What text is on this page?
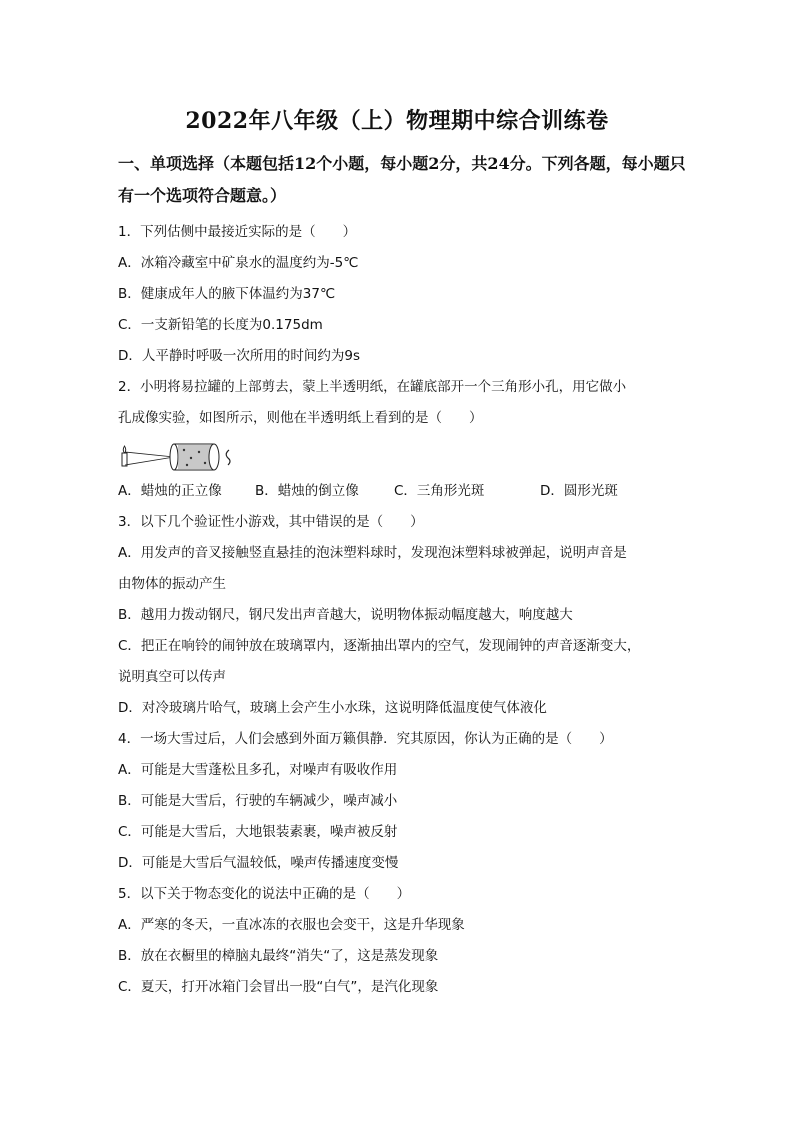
2022年八年级（上）物理期中综合训练卷
一、单项选择（本题包括12个小题，每小题2分，共24分。下列各题，每小题只有一个选项符合题意。）
1．下列估侧中最接近实际的是（　　）
A．冰箱冷藏室中矿泉水的温度约为-5℃
B．健康成年人的腋下体温约为37℃
C．一支新铅笔的长度为0.175dm
D．人平静时呼吸一次所用的时间约为9s
2．小明将易拉罐的上部剪去，蒙上半透明纸，在罐底部开一个三角形小孔，用它做小
孔成像实验，如图所示，则他在半透明纸上看到的是（　　）
A．蜡烛的正立像 B．蜡烛的倒立像	C．三角形光斑	D．圆形光斑
3．以下几个验证性小游戏，其中错误的是（　　）
A．用发声的音叉接触竖直悬挂的泡沫塑料球时，发现泡沫塑料球被弹起，说明声音是
由物体的振动产生
B．越用力拨动钢尺，钢尺发出声音越大，说明物体振动幅度越大，响度越大
C．把正在响铃的闹钟放在玻璃罩内，逐渐抽出罩内的空气，发现闹钟的声音逐渐变大，
说明真空可以传声
D．对冷玻璃片哈气，玻璃上会产生小水珠，这说明降低温度使气体液化
4．一场大雪过后，人们会感到外面万籁俱静．究其原因，你认为正确的是（　　）
A．可能是大雪蓬松且多孔，对噪声有吸收作用
B．可能是大雪后，行驶的车辆减少，噪声减小
C．可能是大雪后，大地银装素裹，噪声被反射
D．可能是大雪后气温较低，噪声传播速度变慢
5．以下关于物态变化的说法中正确的是（　　）
A．严寒的冬天，一直冰冻的衣服也会变干，这是升华现象
B．放在衣橱里的樟脑丸最终“消失“了，这是蒸发现象
C．夏天，打开冰箱门会冒出一股“白气”，是汽化现象
